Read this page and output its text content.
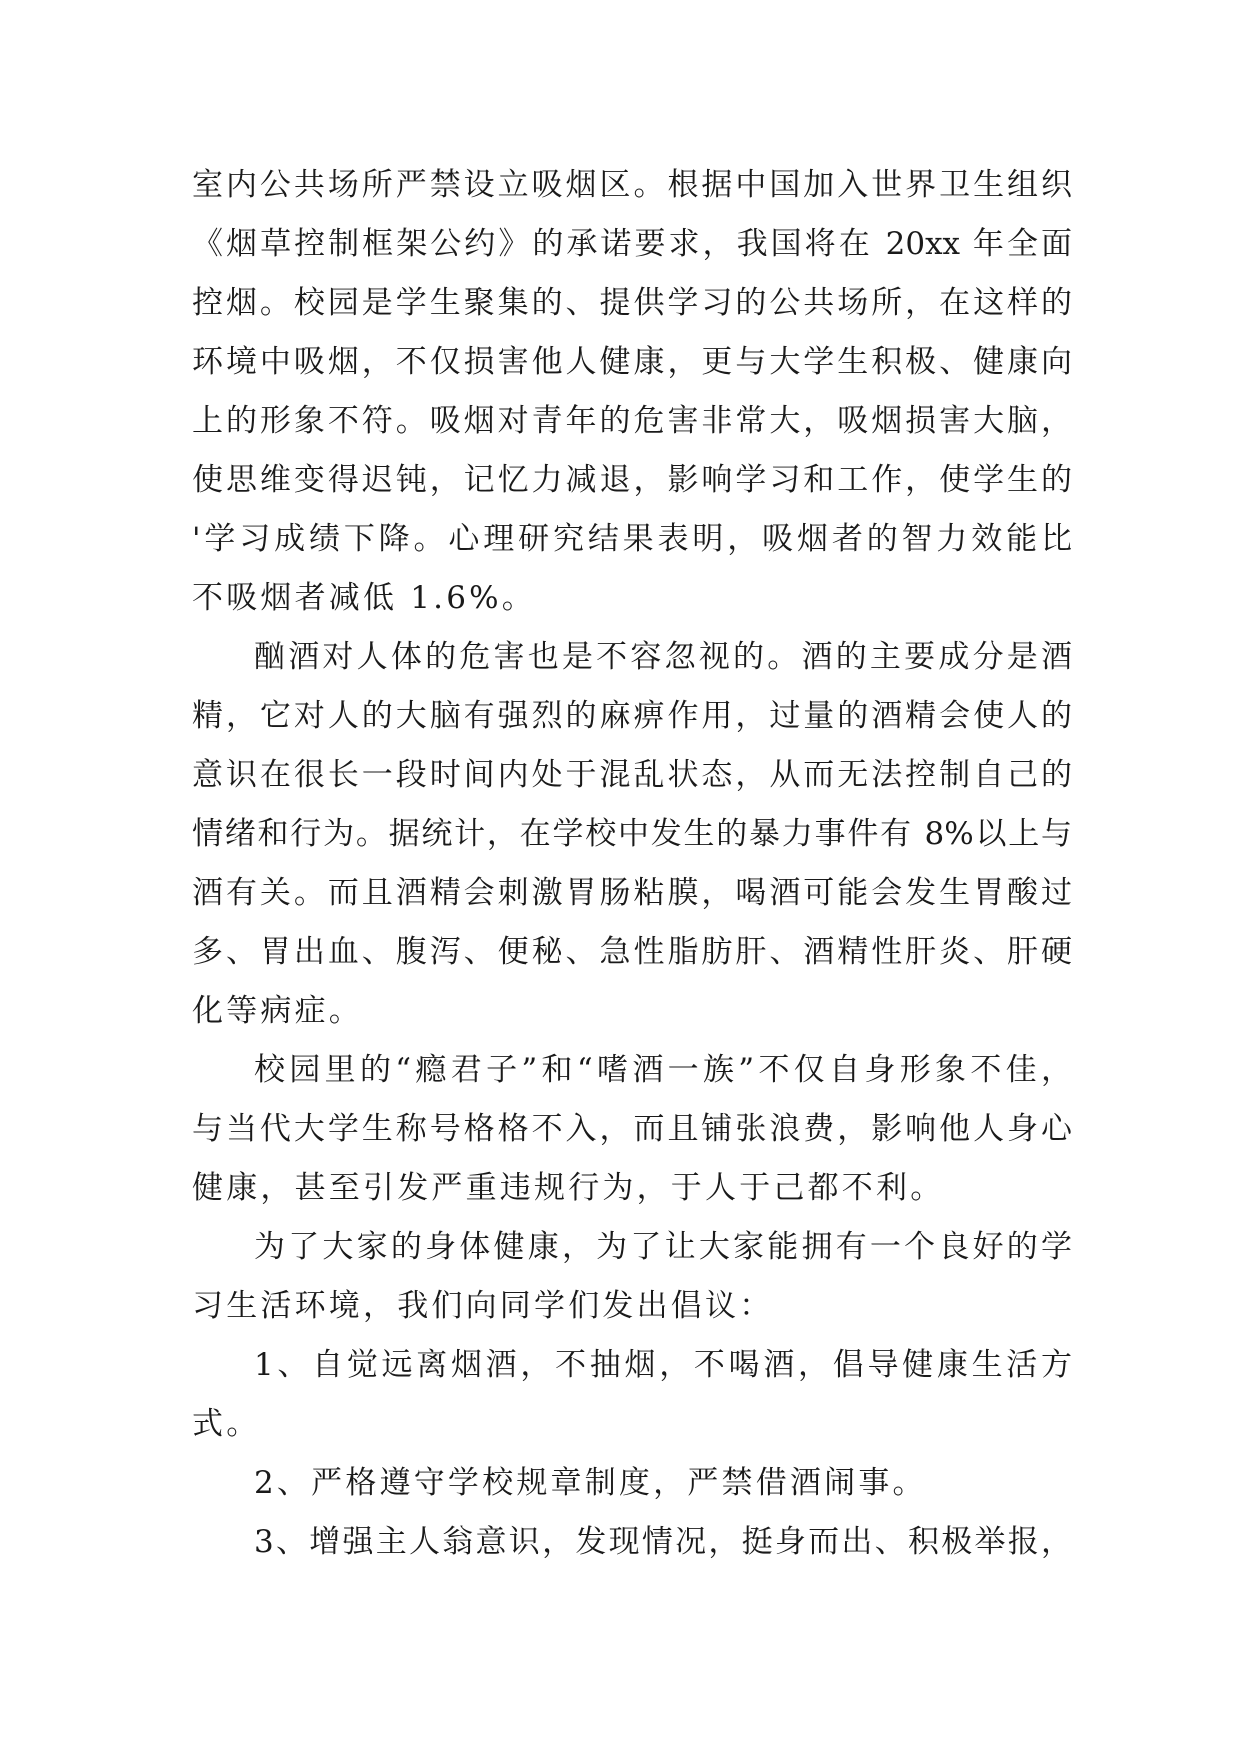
室内公共场所严禁设立吸烟区。根据中国加入世界卫生组织
《烟草控制框架公约》的承诺要求，我国将在 20xx 年全面
控烟。校园是学生聚集的、提供学习的公共场所，在这样的
环境中吸烟，不仅损害他人健康，更与大学生积极、健康向
上的形象不符。吸烟对青年的危害非常大，吸烟损害大脑，
使思维变得迟钝，记忆力减退，影响学习和工作，使学生的
'学习成绩下降。心理研究结果表明，吸烟者的智力效能比
不吸烟者减低 1.6%。
酗酒对人体的危害也是不容忽视的。酒的主要成分是酒
精，它对人的大脑有强烈的麻痹作用，过量的酒精会使人的
意识在很长一段时间内处于混乱状态，从而无法控制自己的
情绪和行为。据统计，在学校中发生的暴力事件有 8%以上与
酒有关。而且酒精会刺激胃肠粘膜，喝酒可能会发生胃酸过
多、胃出血、腹泻、便秘、急性脂肪肝、酒精性肝炎、肝硬
化等病症。
校园里的“瘾君子”和“嗜酒一族”不仅自身形象不佳，
与当代大学生称号格格不入，而且铺张浪费，影响他人身心
健康，甚至引发严重违规行为，于人于己都不利。
为了大家的身体健康，为了让大家能拥有一个良好的学
习生活环境，我们向同学们发出倡议：
1、自觉远离烟酒，不抽烟，不喝酒，倡导健康生活方
式。
2、严格遵守学校规章制度，严禁借酒闹事。
3、增强主人翁意识，发现情况，挺身而出、积极举报，
